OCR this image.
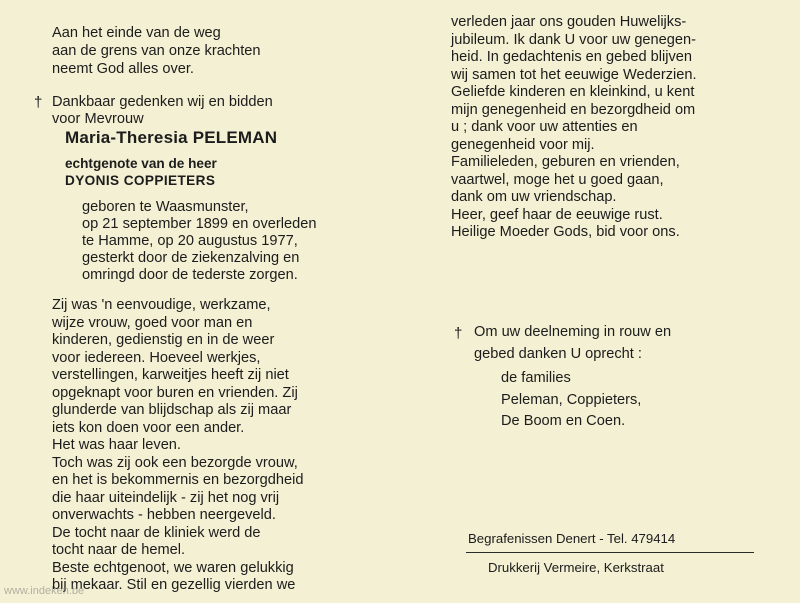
Aan het einde van de weg
aan de grens van onze krachten
neemt God alles over.
† Dankbaar gedenken wij en bidden
voor Mevrouw
Maria-Theresia PELEMAN
echtgenote van de heer
DYONIS COPPIETERS
geboren te Waasmunster,
op 21 september 1899 en overleden
te Hamme, op 20 augustus 1977,
gesterkt door de ziekenzalving en
omringd door de tederste zorgen.
Zij was 'n eenvoudige, werkzame,
wijze vrouw, goed voor man en
kinderen, gedienstig en in de weer
voor iedereen. Hoeveel werkjes,
verstellingen, karweitjes heeft zij niet
opgeknapt voor buren en vrienden. Zij
glunderde van blijdschap als zij maar
iets kon doen voor een ander.
Het was haar leven.
Toch was zij ook een bezorgde vrouw,
en het is bekommernis en bezorgdheid
die haar uiteindelijk - zij het nog vrij
onverwachts - hebben neergeveld.
De tocht naar de kliniek werd de
tocht naar de hemel.
Beste echtgenoot, we waren gelukkig
bij mekaar. Stil en gezellig vierden we
verleden jaar ons gouden Huwelijks-
jubileum. Ik dank U voor uw genegen-
heid. In gedachtenis en gebed blijven
wij samen tot het eeuwige Wederzien.
Geliefde kinderen en kleinkind, u kent
mijn genegenheid en bezorgdheid om
u ; dank voor uw attenties en
genegenheid voor mij.
Familieleden, geburen en vrienden,
vaartwel, moge het u goed gaan,
dank om uw vriendschap.
Heer, geef haar de eeuwige rust.
Heilige Moeder Gods, bid voor ons.
† Om uw deelneming in rouw en
gebed danken U oprecht :
de families
Peleman, Coppieters,
De Boom en Coen.
Begrafenissen Denert - Tel. 479414
Drukkerij Vermeire, Kerkstraat
www.indeken.be
